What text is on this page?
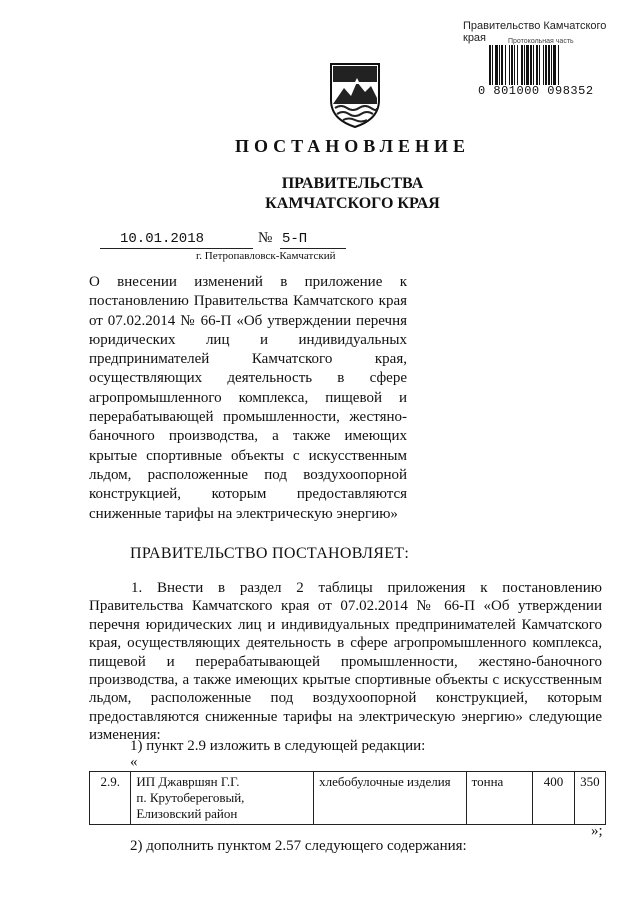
Правительство Камчатского края	Протокольная часть
0 801000 098352
ПОСТАНОВЛЕНИЕ
ПРАВИТЕЛЬСТВА
КАМЧАТСКОГО КРАЯ
10.01.2018	№ 5-П
г. Петропавловск-Камчатский
О внесении изменений в приложение к постановлению Правительства Камчатского края от 07.02.2014 № 66-П «Об утверждении перечня юридических лиц и индивидуальных предпринимателей Камчатского края, осуществляющих деятельность в сфере агропромышленного комплекса, пищевой и перерабатывающей промышленности, жестяно-баночного производства, а также имеющих крытые спортивные объекты с искусственным льдом, расположенные под воздухоопорной конструкцией, которым предоставляются сниженные тарифы на электрическую энергию»
ПРАВИТЕЛЬСТВО ПОСТАНОВЛЯЕТ:
1. Внести в раздел 2 таблицы приложения к постановлению Правительства Камчатского края от 07.02.2014 № 66-П «Об утверждении перечня юридических лиц и индивидуальных предпринимателей Камчатского края, осуществляющих деятельность в сфере агропромышленного комплекса, пищевой и перерабатывающей промышленности, жестяно-баночного производства, а также имеющих крытые спортивные объекты с искусственным льдом, расположенные под воздухоопорной конструкцией, которым предоставляются сниженные тарифы на электрическую энергию» следующие изменения:
1) пункт 2.9 изложить в следующей редакции:
«
2.9.	ИП Джавршян Г.Г.
п. Крутобереговый,
Елизовский район
	хлебобулочные изделия	тонна	400	350
»;
2) дополнить пунктом 2.57 следующего содержания:
